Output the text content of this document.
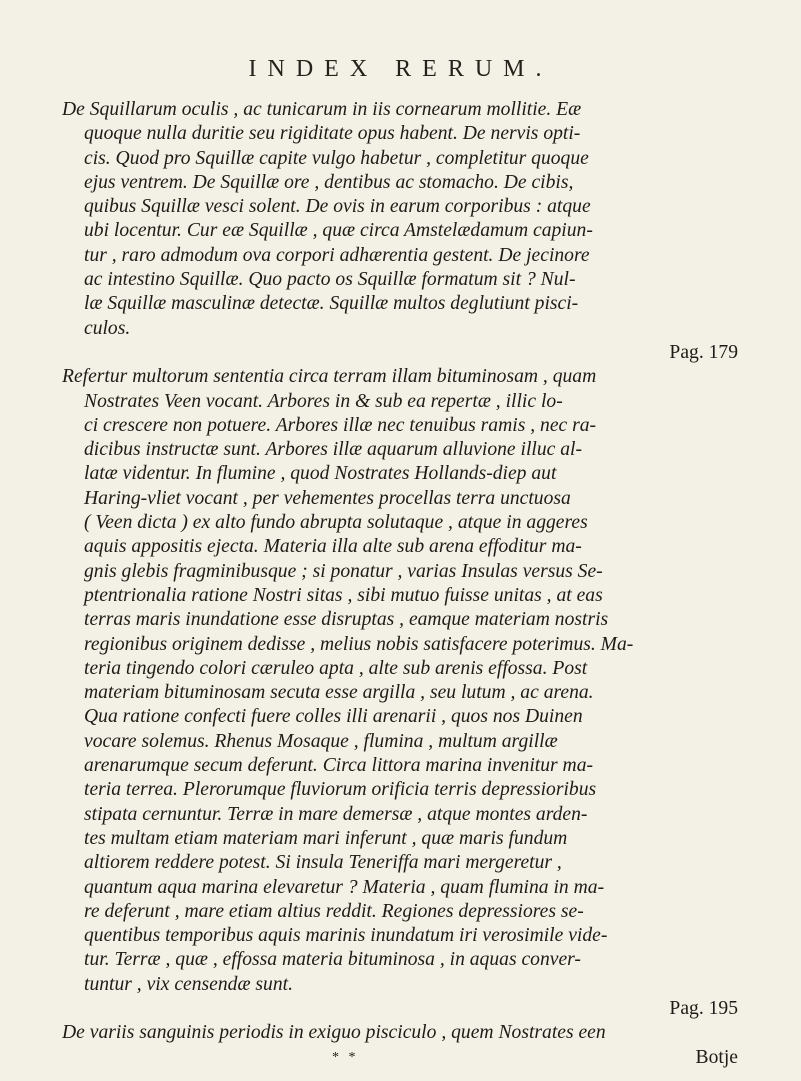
INDEX RERUM.
De Squillarum oculis , ac tunicarum in iis cornearum mollitie. Eæ
quoque nulla duritie seu rigiditate opus habent. De nervis opti-
cis. Quod pro Squillæ capite vulgo habetur , completitur quoque
ejus ventrem. De Squillæ ore , dentibus ac stomacho. De cibis,
quibus Squillæ vesci solent. De ovis in earum corporibus : atque
ubi locentur. Cur eæ Squillæ , quæ circa Amstelædamum capiun-
tur , raro admodum ova corpori adhærentia gestent. De jecinore
ac intestino Squillæ. Quo pacto os Squillæ formatum sit ? Nul-
læ Squillæ masculinæ detectæ. Squillæ multos deglutiunt pisci-
culos.
Pag. 179
Refertur multorum sententia circa terram illam bituminosam , quam
Nostrates Veen vocant. Arbores in & sub ea repertæ , illic lo-
ci crescere non potuere. Arbores illæ nec tenuibus ramis , nec ra-
dicibus instructæ sunt. Arbores illæ aquarum alluvione illuc al-
latæ videntur. In flumine , quod Nostrates Hollands-diep aut
Haring-vliet vocant , per vehementes procellas terra unctuosa
( Veen dicta ) ex alto fundo abrupta solutaque , atque in aggeres
aquis appositis ejecta. Materia illa alte sub arena effoditur ma-
gnis glebis fragminibusque ; si ponatur , varias Insulas versus Se-
ptentrionalia ratione Nostri sitas , sibi mutuo fuisse unitas , at eas
terras maris inundatione esse disruptas , eamque materiam nostris
regionibus originem dedisse , melius nobis satisfacere poterimus. Ma-
teria tingendo colori cæruleo apta , alte sub arenis effossa. Post
materiam bituminosam secuta esse argilla , seu lutum , ac arena.
Qua ratione confecti fuere colles illi arenarii , quos nos Duinen
vocare solemus. Rhenus Mosaque , flumina , multum argillæ
arenarumque secum deferunt. Circa littora marina invenitur ma-
teria terrea. Plerorumque fluviorum orificia terris depressioribus
stipata cernuntur. Terræ in mare demersæ , atque montes arden-
tes multam etiam materiam mari inferunt , quæ maris fundum
altiorem reddere potest. Si insula Teneriffa mari mergeretur ,
quantum aqua marina elevaretur ? Materia , quam flumina in ma-
re deferunt , mare etiam altius reddit. Regiones depressiores se-
quentibus temporibus aquis marinis inundatum iri verosimile vide-
tur. Terræ , quæ , effossa materia bituminosa , in aquas conver-
tuntur , vix censendæ sunt.
Pag. 195
De variis sanguinis periodis in exiguo pisciculo , quem Nostrates een
* *	Botje
